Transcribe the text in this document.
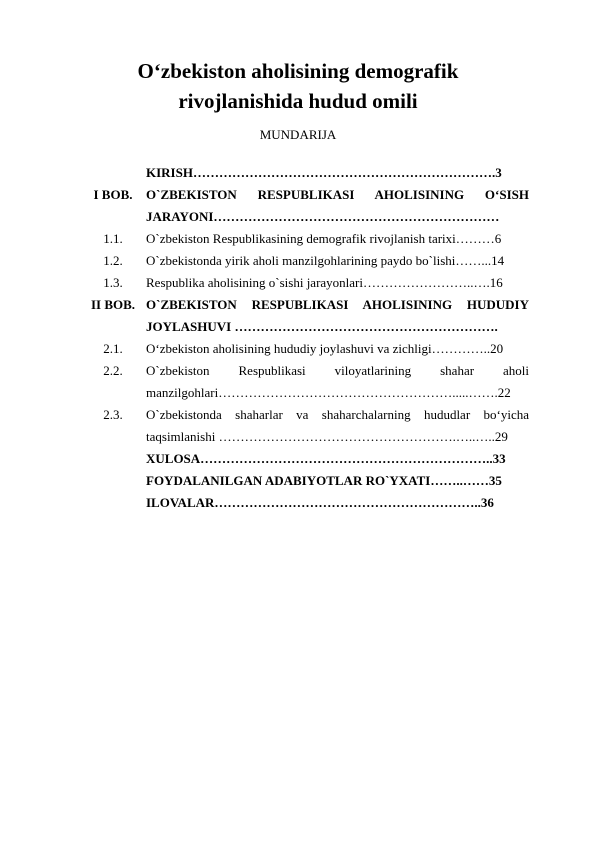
O‘zbekiston aholisining demografik
rivojlanishida hudud omili
MUNDARIJA
KIRISH…………………………………………………………….3
I BOB.	O`ZBEKISTON RESPUBLIKASI AHOLISINING O‘SISH
JARAYONI…………………………………………………………
1.1.	O`zbekiston Respublikasining demografik rivojlanish tarixi………6
1.2.	O`zbekistonda yirik aholi manzilgohlarining paydo bo`lishi……...14
1.3.	Respublika aholisining o`sishi jarayonlari……………………..….16
II BOB. O`ZBEKISTON RESPUBLIKASI AHOLISINING HUDUDIY
JOYLASHUVI …………………………………………………….
2.1.	O‘zbekiston aholisining hududiy joylashuvi va zichligi…………..20
2.2.	O`zbekiston Respublikasi viloyatlarining shahar aholi
manzilgohlari……………………………………………….....…….22
2.3.	O`zbekistonda shaharlar va shaharchalarning hududlar bo‘yicha
taqsimlanishi ……………………………………………….…..…..29
XULOSA…………………………………………………………..33
FOYDALANILGAN ADABIYOTLAR RO`YXATI……..……35
ILOVALAR……………………………………………………..36
